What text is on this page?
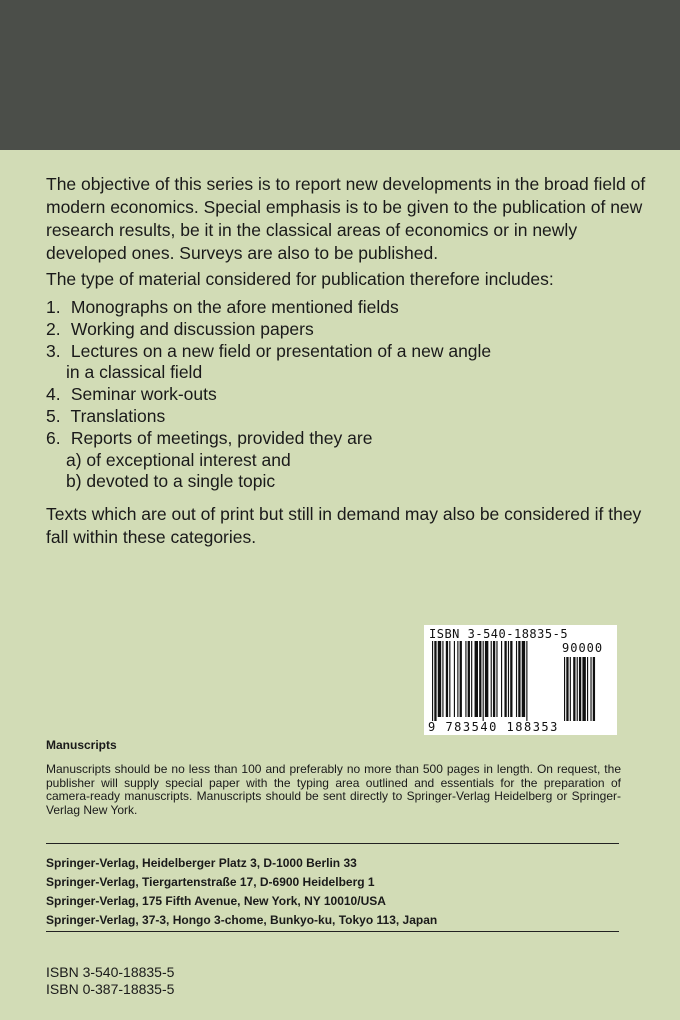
The objective of this series is to report new developments in the broad field of modern economics. Special emphasis is to be given to the publication of new research results, be it in the classical areas of economics or in newly developed ones. Surveys are also to be published.

The type of material considered for publication therefore includes:

1. Monographs on the afore mentioned fields
2. Working and discussion papers
3. Lectures on a new field or presentation of a new angle
in a classical field
4. Seminar work-outs
5. Translations
6. Reports of meetings, provided they are
a) of exceptional interest and
b) devoted to a single topic

Texts which are out of print but still in demand may also be considered if they fall within these categories.

ISBN 3-540-18835-5
90000
9 783540 188353

Manuscripts

Manuscripts should be no less than 100 and preferably no more than 500 pages in length. On request, the publisher will supply special paper with the typing area outlined and essentials for the preparation of camera-ready manuscripts. Manuscripts should be sent directly to Springer-Verlag Heidelberg or Springer-Verlag New York.

Springer-Verlag, Heidelberger Platz 3, D-1000 Berlin 33
Springer-Verlag, Tiergartenstraße 17, D-6900 Heidelberg 1
Springer-Verlag, 175 Fifth Avenue, New York, NY 10010/USA
Springer-Verlag, 37-3, Hongo 3-chome, Bunkyo-ku, Tokyo 113, Japan
ISBN 3-540-18835-5
ISBN 0-387-18835-5
